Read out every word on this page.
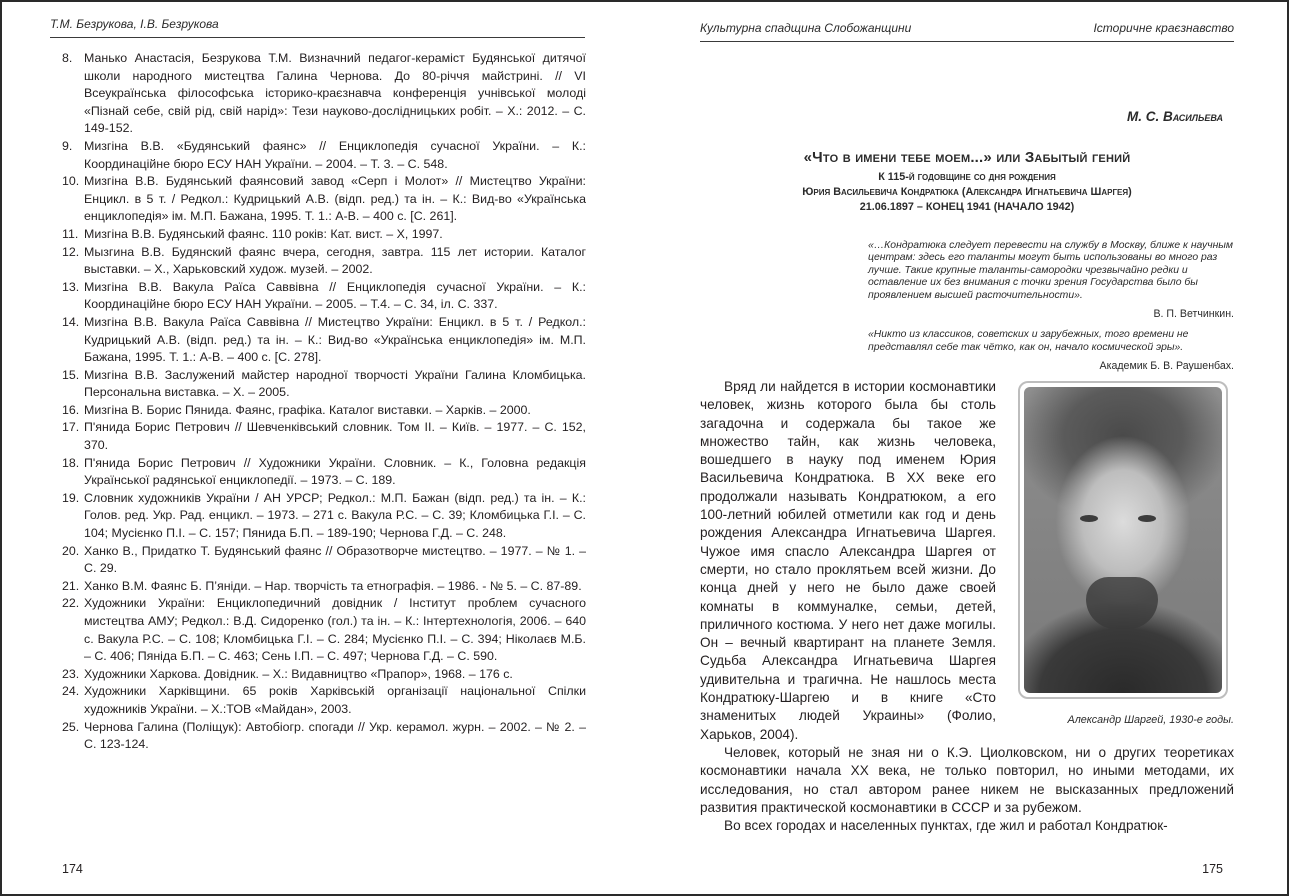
Т.М. Безрукова, І.В. Безрукова
8. Манько Анастасія, Безрукова Т.М. Визначний педагог-кераміст Будянської дитячої школи народного мистецтва Галина Чернова. До 80-річчя майстрині. // VI Всеукраїнська філософська історико-краєзнавча конференція учнівської молоді «Пізнай себе, свій рід, свій нарід»: Тези науково-дослідницьких робіт. – Х.: 2012. – С. 149-152.
9. Мизгіна В.В. «Будянський фаянс» // Енциклопедія сучасної України. – К.: Координаційне бюро ЕСУ НАН України. – 2004. – Т. 3. – С. 548.
10. Мизгіна В.В. Будянський фаянсовий завод «Серп і Молот» // Мистецтво України: Енцикл. в 5 т. / Редкол.: Кудрицький А.В. (відп. ред.) та ін. – К.: Вид-во «Українська енциклопедія» ім. М.П. Бажана, 1995. Т. 1.: А-В. – 400 с. [С. 261].
11. Мизгіна В.В. Будянський фаянс. 110 років: Кат. вист. – Х, 1997.
12. Мызгина В.В. Будянский фаянс вчера, сегодня, завтра. 115 лет истории. Каталог выставки. – Х., Харьковский худож. музей. – 2002.
13. Мизгіна В.В. Вакула Раїса Саввівна // Енциклопедія сучасної України. – К.: Координаційне бюро ЕСУ НАН України. – 2005. – Т.4. – С. 34, іл. С. 337.
14. Мизгіна В.В. Вакула Раїса Саввівна // Мистецтво України: Енцикл. в 5 т. / Редкол.: Кудрицький А.В. (відп. ред.) та ін. – К.: Вид-во «Українська енциклопедія» ім. М.П. Бажана, 1995. Т. 1.: А-В. – 400 с. [С. 278].
15. Мизгіна В.В. Заслужений майстер народної творчості України Галина Кломбицька. Персональна виставка. – Х. – 2005.
16. Мизгіна В. Борис Пянида. Фаянс, графіка. Каталог виставки. – Харків. – 2000.
17. П'янида Борис Петрович // Шевченківський словник. Том II. – Київ. – 1977. – С. 152, 370.
18. П'янида Борис Петрович // Художники України. Словник. – К., Головна редакція Української радянської енциклопедії. – 1973. – С. 189.
19. Словник художників України / АН УРСР; Редкол.: М.П. Бажан (відп. ред.) та ін. – К.: Голов. ред. Укр. Рад. енцикл. – 1973. – 271 с. Вакула Р.С. – С. 39; Кломбицька Г.І. – С. 104; Мусієнко П.І. – С. 157; Пянида Б.П. – 189-190; Чернова Г.Д. – С. 248.
20. Ханко В., Придатко Т. Будянський фаянс // Образотворче мистецтво. – 1977. – № 1. – С. 29.
21. Ханко В.М. Фаянс Б. П’яніди. – Нар. творчість та етнографія. – 1986. - № 5. – С. 87-89.
22. Художники України: Енциклопедичний довідник / Інститут проблем сучасного мистецтва АМУ; Редкол.: В.Д. Сидоренко (гол.) та ін. – К.: Інтертехнологія, 2006. – 640 с. Вакула Р.С. – С. 108; Кломбицька Г.І. – С. 284; Мусієнко П.І. – С. 394; Ніколаєв М.Б. – С. 406; Пяніда Б.П. – С. 463; Сень І.П. – С. 497; Чернова Г.Д. – С. 590.
23. Художники Харкова. Довідник. – Х.: Видавництво «Прапор», 1968. – 176 с.
24. Художники Харківщини. 65 років Харківській організації національної Спілки художників України. – Х.:ТОВ «Майдан», 2003.
25. Чернова Галина (Поліщук): Автобіогр. спогади // Укр. керамол. журн. – 2002. – № 2. – С. 123-124.
174
Культурна спадщина Слобожанщини	Історичне краєзнавство
М. С. Васильева
«Что в имени тебе моем...» или Забытый гений
К 115-й годовщине со дня рождения
Юрия Васильевича Кондратюка (Александра Игнатьевича Шаргея)
21.06.1897 – КОНЕЦ 1941 (НАЧАЛО 1942)
«…Кондратюка следует перевести на службу в Москву, ближе к научным центрам: здесь его таланты могут быть использованы во много раз лучше. Такие крупные таланты-самородки чрезвычайно редки и оставление их без внимания с точки зрения Государства было бы проявлением высшей расточительности».
В. П. Ветчинкин.
«Никто из классиков, советских и зарубежных, того времени не представлял себе так чётко, как он, начало космической эры».
Академик Б. В. Раушенбах.
Александр Шаргей, 1930-е годы.

Вряд ли найдется в истории космонавтики человек, жизнь которого была бы столь загадочна и содержала бы такое же множество тайн, как жизнь человека, вошедшего в науку под именем Юрия Васильевича Кондратюка. В ХХ веке его продолжали называть Кондратюком, а его 100-летний юбилей отметили как год и день рождения Александра Игнатьевича Шаргея. Чужое имя спасло Александра Шаргея от смерти, но стало проклятьем всей жизни. До конца дней у него не было даже своей комнаты в коммуналке, семьи, детей, приличного костюма. У него нет даже могилы. Он – вечный квартирант на планете Земля. Судьба Александра Игнатьевича Шаргея удивительна и трагична. Не нашлось места Кондратюку-Шаргею и в книге «Сто знаменитых людей Украины» (Фолио, Харьков, 2004).

Человек, который не зная ни о К.Э. Циолковском, ни о других теоретиках космонавтики начала ХХ века, не только повторил, но иными методами, их исследования, но стал автором ранее никем не высказанных предложений развития практической космонавтики в СССР и за рубежом.

Во всех городах и населенных пунктах, где жил и работал Кондратюк-

175
